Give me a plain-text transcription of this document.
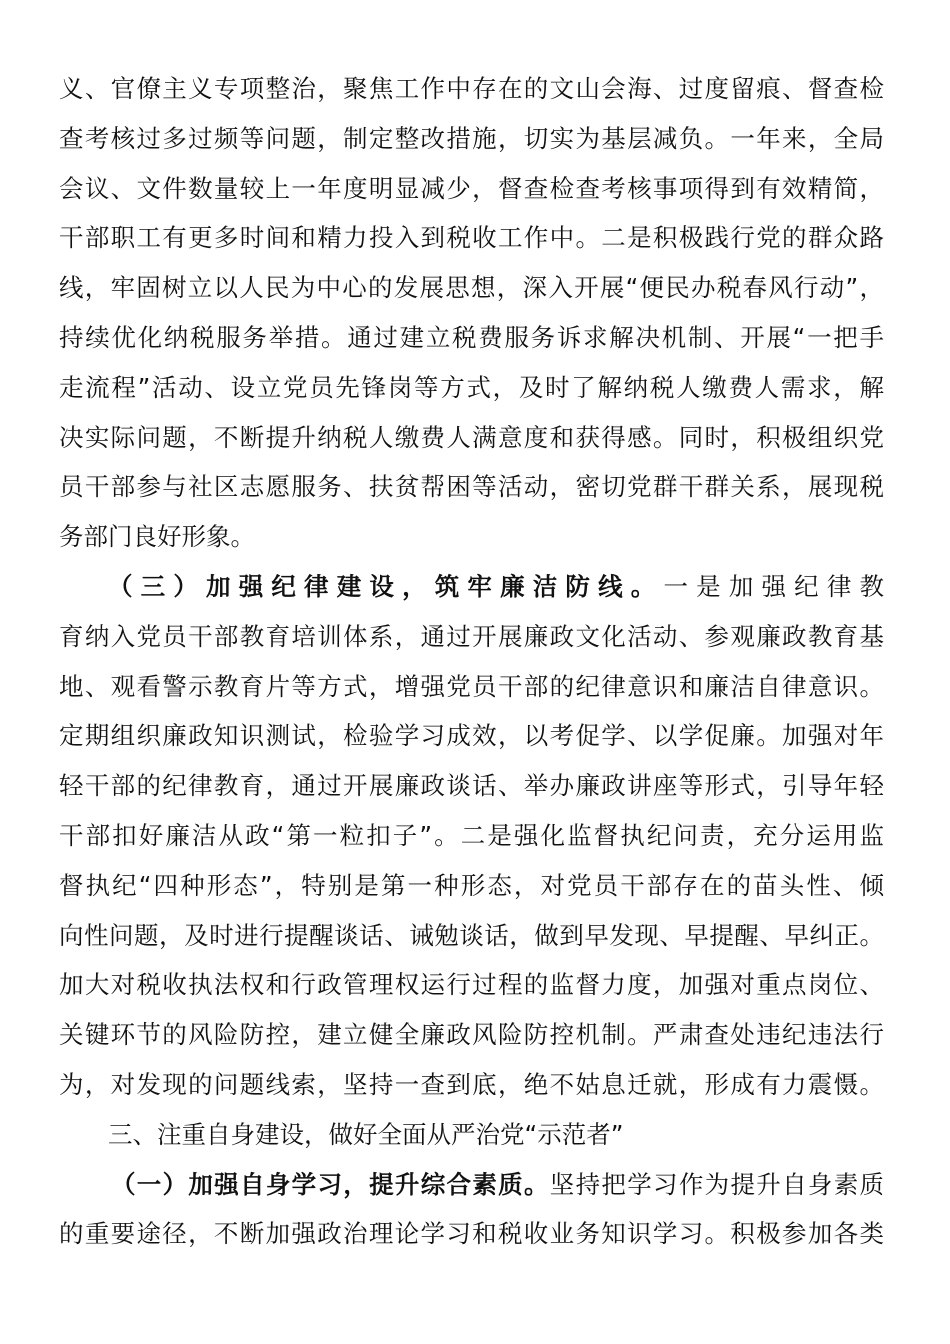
义、官僚主义专项整治，聚焦工作中存在的文山会海、过度留痕、督查检
查考核过多过频等问题，制定整改措施，切实为基层减负。一年来，全局
会议、文件数量较上一年度明显减少，督查检查考核事项得到有效精简，
干部职工有更多时间和精力投入到税收工作中。二是积极践行党的群众路
线，牢固树立以人民为中心的发展思想，深入开展“便民办税春风行动”，
持续优化纳税服务举措。通过建立税费服务诉求解决机制、开展“一把手
走流程”活动、设立党员先锋岗等方式，及时了解纳税人缴费人需求，解
决实际问题，不断提升纳税人缴费人满意度和获得感。同时，积极组织党
员干部参与社区志愿服务、扶贫帮困等活动，密切党群干群关系，展现税
务部门良好形象。
（三）加强纪律建设，筑牢廉洁防线。一是加强纪律教
育纳入党员干部教育培训体系，通过开展廉政文化活动、参观廉政教育基
地、观看警示教育片等方式，增强党员干部的纪律意识和廉洁自律意识。
定期组织廉政知识测试，检验学习成效，以考促学、以学促廉。加强对年
轻干部的纪律教育，通过开展廉政谈话、举办廉政讲座等形式，引导年轻
干部扣好廉洁从政“第一粒扣子”。二是强化监督执纪问责，充分运用监
督执纪“四种形态”，特别是第一种形态，对党员干部存在的苗头性、倾
向性问题，及时进行提醒谈话、诫勉谈话，做到早发现、早提醒、早纠正。
加大对税收执法权和行政管理权运行过程的监督力度，加强对重点岗位、
关键环节的风险防控，建立健全廉政风险防控机制。严肃查处违纪违法行
为，对发现的问题线索，坚持一查到底，绝不姑息迁就，形成有力震慑。
三、注重自身建设，做好全面从严治党“示范者”
（一）加强自身学习，提升综合素质。坚持把学习作为提升自身素质
的重要途径，不断加强政治理论学习和税收业务知识学习。积极参加各类
